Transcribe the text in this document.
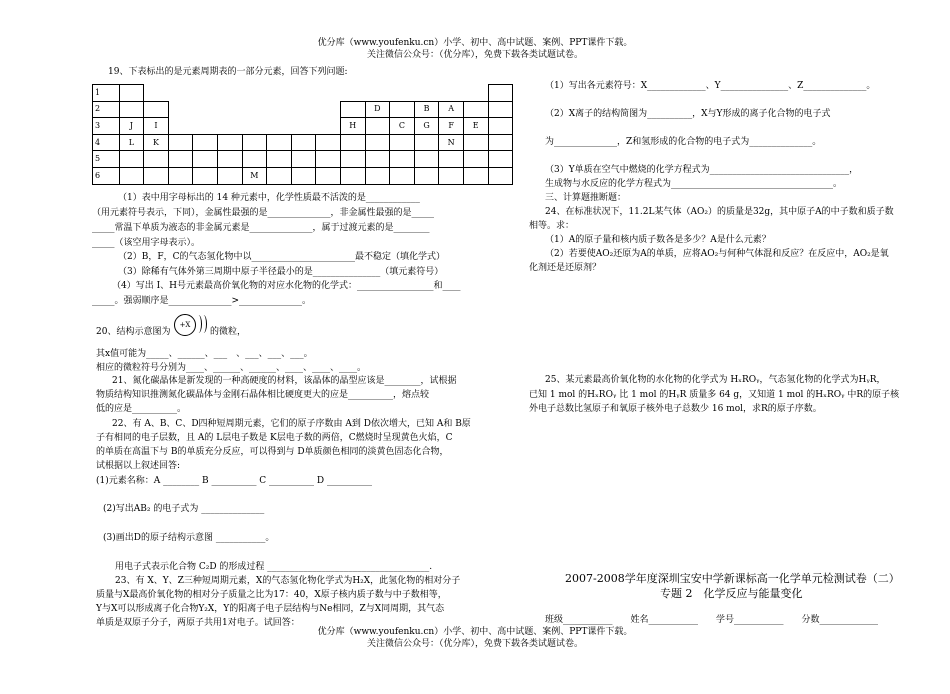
优分库（www.youfenku.cn）小学、初中、高中试题、案例、PPT课件下载。
关注微信公众号：（优分库），免费下载各类试题试卷。
19、下表标出的是元素周期表的一部分元素，回答下列问题:
1																
2											D		B	A		
3	J	I								H		C	G	F	E	
4	L	K												N		
5																
6						M										
（1）表中用字母标出的 14 种元素中，化学性质最不活泼的是____________
（用元素符号表示，下同），金属性最强的是______________，非金属性最强的是_____
_____常温下单质为液态的非金属元素是______________，属于过渡元素的是________
_____（该空用字母表示）。
（2）B，F，C的气态氢化物中以_______________________最不稳定（填化学式）
（3）除稀有气体外第三周期中原子半径最小的是_______________（填元素符号）
（4）写出 I、H号元素最高价氧化物的对应水化物的化学式：_________________和____
_____。强弱顺序是______________>______________。
20、结构示意图为
+X
的微粒，
其x值可能为_____、______、___　、___、___、___。
相应的微粒符号分别为____、______、______、____、____、____。
21、氮化碳晶体是新发现的一种高硬度的材料，该晶体的晶型应该是________，试根据
物质结构知识推测氮化碳晶体与金刚石晶体相比硬度更大的应是__________，熔点较
低的应是__________。
22、有 A、B、C、D四种短周期元素，它们的原子序数由 A到 D依次增大，已知 A和 B原
子有相同的电子层数，且 A的 L层电子数是 K层电子数的两倍，C燃烧时呈现黄色火焰，C
的单质在高温下与 B的单质充分反应，可以得到与 D单质颜色相同的淡黄色固态化合物，
试根据以上叙述回答:
(1)元素名称：A ________ B __________ C __________ D __________
(2)写出AB₂ 的电子式为 ______________
(3)画出D的原子结构示意图 ___________。
用电子式表示化合物 C₂D 的形成过程 ____________________________________.
23、有 X、Y、Z三种短周期元素，X的气态氢化物化学式为H₂X，此氢化物的相对分子
质量与X最高价氧化物的相对分子质量之比为17：40，X原子核内质子数与中子数相等，
Y与X可以形成离子化合物Y₂X，Y的阳离子电子层结构与Ne相同，Z与X同周期，其气态
单质是双原子分子，两原子共用1对电子。试回答：
（1）写出各元素符号：X_____________、Y_______________、Z______________。
（2）X离子的结构简图为__________，X与Y形成的离子化合物的电子式
为______________，Z和氢形成的化合物的电子式为______________。
（3）Y单质在空气中燃烧的化学方程式为_______________________________，
生成物与水反应的化学方程式为____________________________________。
三、计算题推断题：
24、在标准状况下，11.2L某气体（AO₂）的质量是32g，其中原子A的中子数和质子数
相等。求：
（1）A的原子量和核内质子数各是多少？A是什么元素？
（2）若要使AO₂还原为A的单质，应将AO₂与何种气体混和反应？在反应中，AO₂是氧
化剂还是还原剂？
25、某元素最高价氧化物的水化物的化学式为 HₓROᵧ，气态氢化物的化学式为HᵧR，
已知 1 mol 的HₓROᵧ 比 1 mol 的HᵧR 质量多 64 g，又知道 1 mol 的HₓROᵧ 中R的原子核
外电子总数比氢原子和氧原子核外电子总数少 16 mol，求R的原子序数。
2007-2008学年度深圳宝安中学新课标高一化学单元检测试卷（二）
专题 2　化学反应与能量变化
班级___________　　姓名___________　　学号___________　　分数_____________
优分库（www.youfenku.cn）小学、初中、高中试题、案例、PPT课件下载。
关注微信公众号：（优分库），免费下载各类试题试卷。
